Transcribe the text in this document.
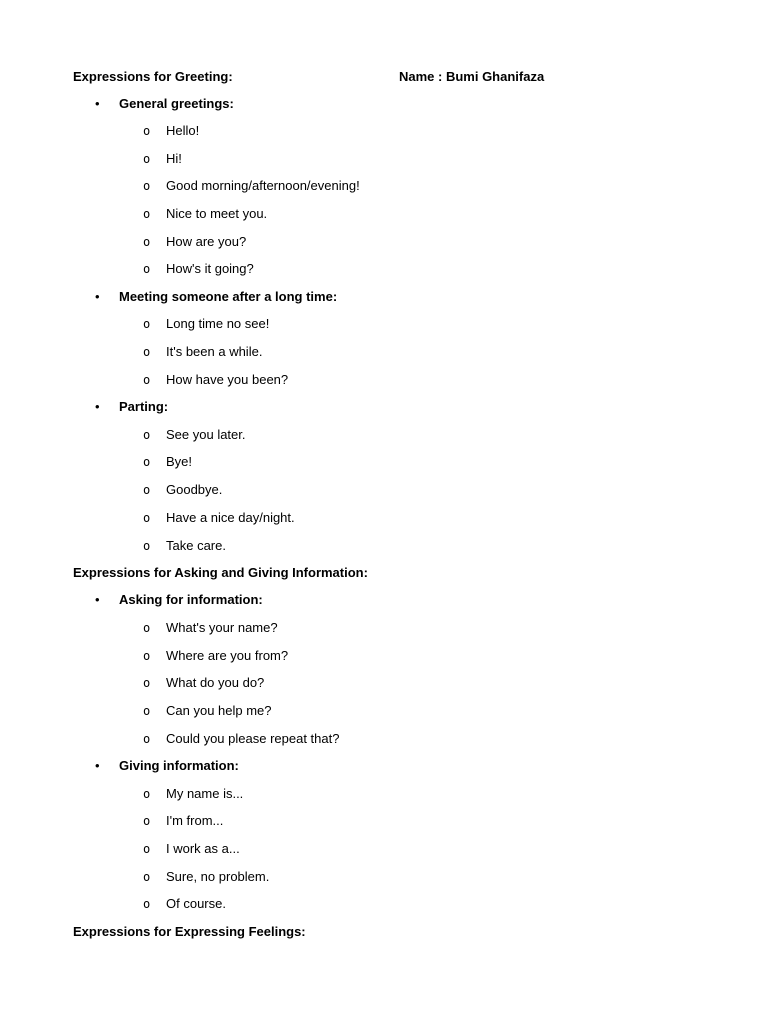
Expressions for Greeting:	Name : Bumi Ghanifaza
• General greetings:
o Hello!
o Hi!
o Good morning/afternoon/evening!
o Nice to meet you.
o How are you?
o How's it going?
• Meeting someone after a long time:
o Long time no see!
o It's been a while.
o How have you been?
• Parting:
o See you later.
o Bye!
o Goodbye.
o Have a nice day/night.
o Take care.
Expressions for Asking and Giving Information:
• Asking for information:
o What's your name?
o Where are you from?
o What do you do?
o Can you help me?
o Could you please repeat that?
• Giving information:
o My name is...
o I'm from...
o I work as a...
o Sure, no problem.
o Of course.
Expressions for Expressing Feelings:
